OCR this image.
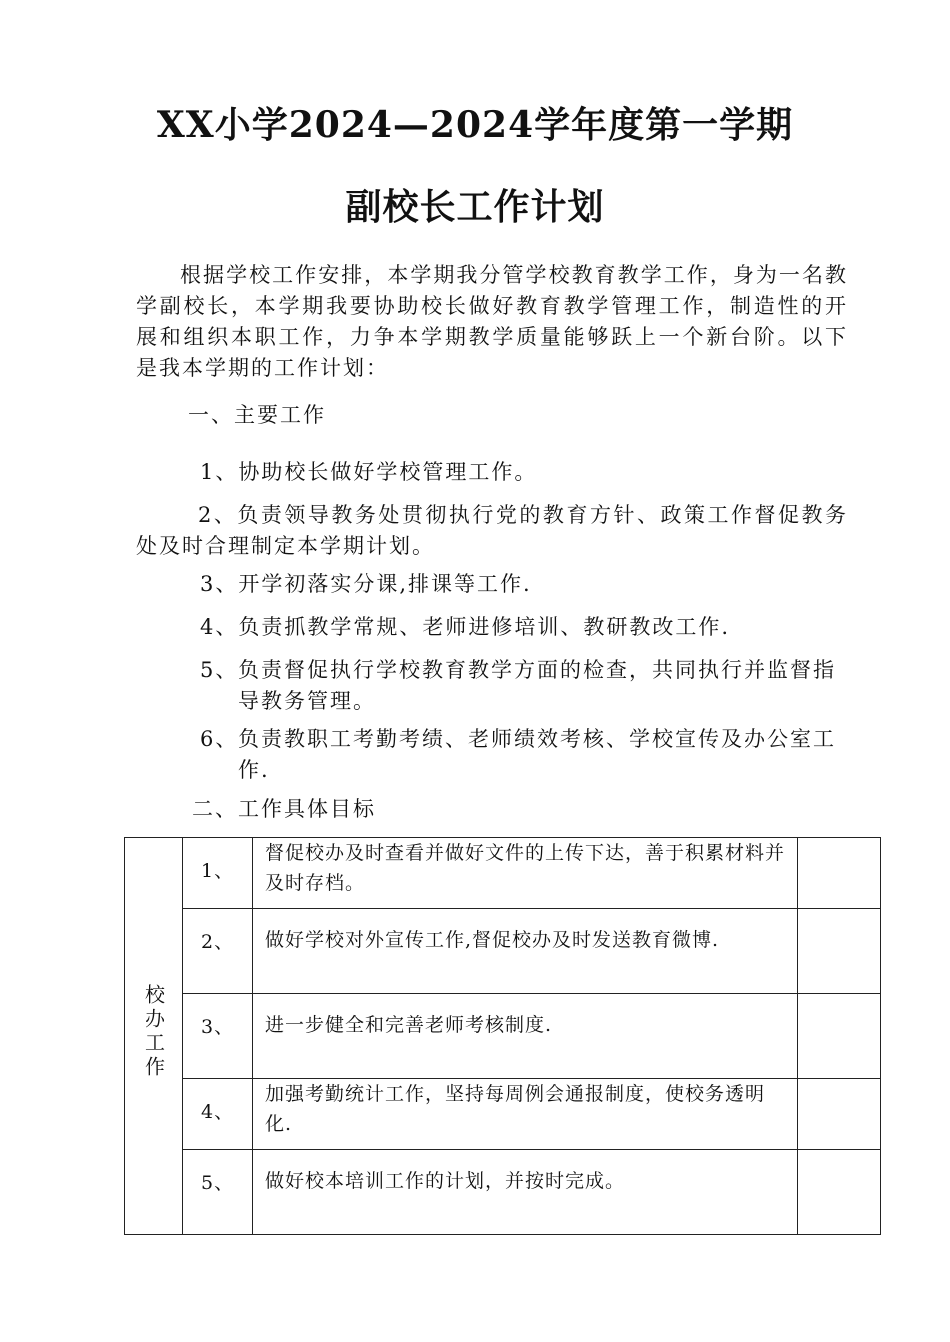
XX小学2024—2024学年度第一学期
副校长工作计划

根据学校工作安排，本学期我分管学校教育教学工作，身为一名教学副校长，本学期我要协助校长做好教育教学管理工作，制造性的开展和组织本职工作，力争本学期教学质量能够跃上一个新台阶。以下是我本学期的工作计划：

一、主要工作
1、协助校长做好学校管理工作。

2、负责领导教务处贯彻执行党的教育方针、政策工作督促教务处及时合理制定本学期计划。

3、开学初落实分课,排课等工作.
4、负责抓教学常规、老师进修培训、教研教改工作.
5、负责督促执行学校教育教学方面的检查，共同执行并监督指导教务管理。
6、负责教职工考勤考绩、老师绩效考核、学校宣传及办公室工作.
二、工作具体目标
校办工作	1、	督促校办及时查看并做好文件的上传下达，善于积累材料并及时存档。	
	2、	做好学校对外宣传工作,督促校办及时发送教育微博.	
	3、	进一步健全和完善老师考核制度.	
	4、	加强考勤统计工作，坚持每周例会通报制度，使校务透明化.	
	5、	做好校本培训工作的计划，并按时完成。	
